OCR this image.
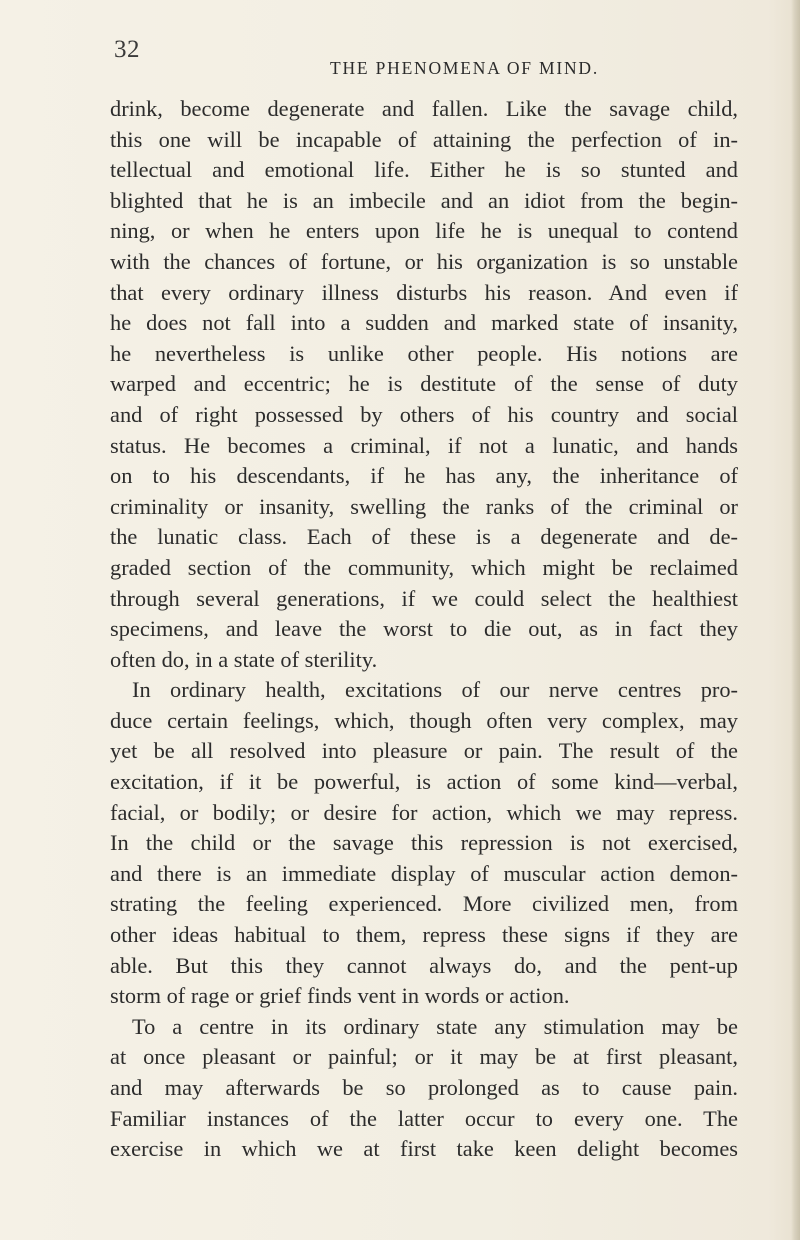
32
THE PHENOMENA OF MIND.
drink, become degenerate and fallen. Like the savage child,
this one will be incapable of attaining the perfection of in-
tellectual and emotional life. Either he is so stunted and
blighted that he is an imbecile and an idiot from the begin-
ning, or when he enters upon life he is unequal to contend
with the chances of fortune, or his organization is so unstable
that every ordinary illness disturbs his reason. And even if
he does not fall into a sudden and marked state of insanity,
he nevertheless is unlike other people. His notions are
warped and eccentric; he is destitute of the sense of duty
and of right possessed by others of his country and social
status. He becomes a criminal, if not a lunatic, and hands
on to his descendants, if he has any, the inheritance of
criminality or insanity, swelling the ranks of the criminal or
the lunatic class. Each of these is a degenerate and de-
graded section of the community, which might be reclaimed
through several generations, if we could select the healthiest
specimens, and leave the worst to die out, as in fact they
often do, in a state of sterility.
In ordinary health, excitations of our nerve centres pro-
duce certain feelings, which, though often very complex, may
yet be all resolved into pleasure or pain. The result of the
excitation, if it be powerful, is action of some kind—verbal,
facial, or bodily; or desire for action, which we may repress.
In the child or the savage this repression is not exercised,
and there is an immediate display of muscular action demon-
strating the feeling experienced. More civilized men, from
other ideas habitual to them, repress these signs if they are
able. But this they cannot always do, and the pent-up
storm of rage or grief finds vent in words or action.
To a centre in its ordinary state any stimulation may be
at once pleasant or painful; or it may be at first pleasant,
and may afterwards be so prolonged as to cause pain.
Familiar instances of the latter occur to every one. The
exercise in which we at first take keen delight becomes
